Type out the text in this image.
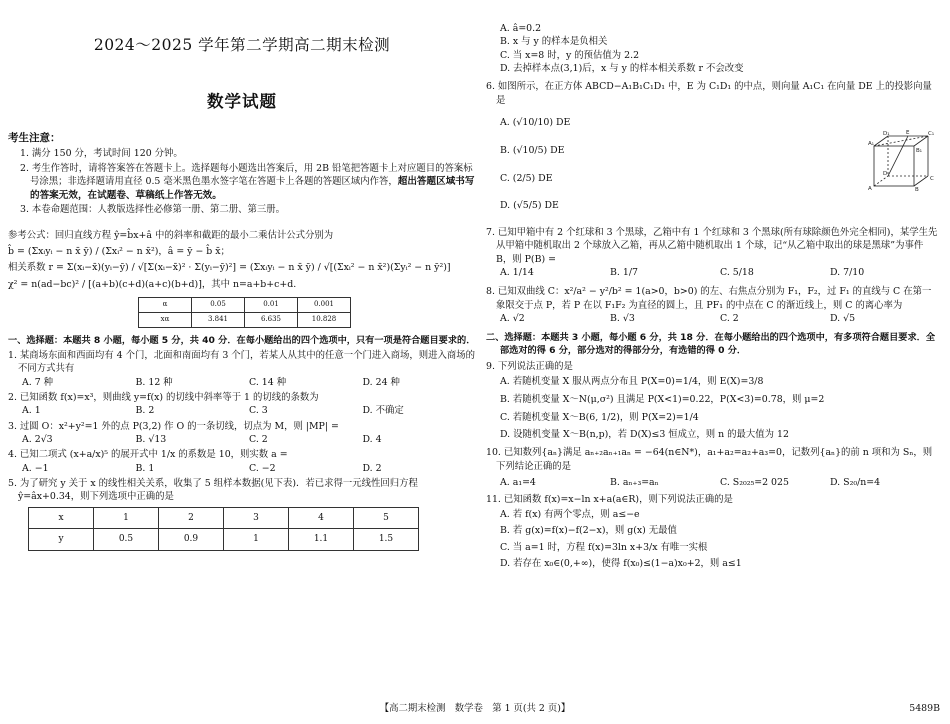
2024～2025 学年第二学期高二期末检测
数学试题
考生注意：
1. 满分 150 分，考试时间 120 分钟。
2. 考生作答时，请将答案答在答题卡上。选择题每小题选出答案后，用 2B 铅笔把答题卡上对应题目的答案标号涂黑；非选择题请用直径 0.5 毫米黑色墨水签字笔在答题卡上各题的答题区域内作答，超出答题区域书写的答案无效，在试题卷、草稿纸上作答无效。
3. 本卷命题范围：人教版选择性必修第一册、第二册、第三册。
参考公式：回归直线方程 ŷ=b̂x+â 中的斜率和截距的最小二乘估计公式分别为
b̂ = (Σxᵢyᵢ − n x̄ ȳ) / (Σxᵢ² − n x̄²)，â = ȳ − b̂ x̄；
相关系数 r = Σ(xᵢ−x̄)(yᵢ−ȳ) / √[Σ(xᵢ−x̄)² · Σ(yᵢ−ȳ)²] = (Σxᵢyᵢ − n x̄ ȳ) / √[(Σxᵢ² − n x̄²)(Σyᵢ² − n ȳ²)]
χ² = n(ad−bc)² / [(a+b)(c+d)(a+c)(b+d)]，其中 n=a+b+c+d.
α	0.05	0.01	0.001
xα	3.841	6.635	10.828
一、选择题：本题共 8 小题，每小题 5 分，共 40 分．在每小题给出的四个选项中，只有一项是符合题目要求的．
1. 某商场东面和西面均有 4 个门，北面和南面均有 3 个门，若某人从其中的任意一个门进入商场，则进入商场的不同方式共有
A. 7 种	B. 12 种	C. 14 种	D. 24 种
2. 已知函数 f(x)=x³，则曲线 y=f(x) 的切线中斜率等于 1 的切线的条数为
A. 1	B. 2	C. 3	D. 不确定
3. 过圆 O：x²+y²=1 外的点 P(3,2) 作 O 的一条切线，切点为 M，则 |MP| =
A. 2√3	B. √13	C. 2	D. 4
4. 已知二项式 (x+a/x)⁵ 的展开式中 1/x 的系数是 10，则实数 a =
A. −1	B. 1	C. −2	D. 2
5. 为了研究 y 关于 x 的线性相关关系，收集了 5 组样本数据(见下表)．若已求得一元线性回归方程 ŷ=âx+0.34，则下列选项中正确的是
x	1	2	3	4	5
y	0.5	0.9	1	1.1	1.5
A. â=0.2
B. x 与 y 的样本是负相关
C. 当 x=8 时，y 的预估值为 2.2
D. 去掉样本点(3,1)后，x 与 y 的样本相关系数 r 不会改变
6. 如图所示，在正方体 ABCD−A₁B₁C₁D₁ 中，E 为 C₁D₁ 的中点，则向量 A₁C₁ 在向量 DE 上的投影向量是
A. (√10/10) DE
B. (√10/5) DE
C. (2/5) DE
D. (√5/5) DE
A₁
D₁	C₁
B₁
E
A
D
C
B
7. 已知甲箱中有 2 个红球和 3 个黑球，乙箱中有 1 个红球和 3 个黑球(所有球除颜色外完全相同)，某学生先从甲箱中随机取出 2 个球放入乙箱，再从乙箱中随机取出 1 个球，记“从乙箱中取出的球是黑球”为事件 B，则 P(B) =
A. 1/14	B. 1/7	C. 5/18	D. 7/10
8. 已知双曲线 C：x²/a² − y²/b² = 1(a>0，b>0) 的左、右焦点分别为 F₁，F₂，过 F₁ 的直线与 C 在第一象限交于点 P，若 P 在以 F₁F₂ 为直径的圆上，且 PF₁ 的中点在 C 的渐近线上，则 C 的离心率为
A. √2	B. √3	C. 2	D. √5
二、选择题：本题共 3 小题，每小题 6 分，共 18 分．在每小题给出的四个选项中，有多项符合题目要求．全部选对的得 6 分，部分选对的得部分分，有选错的得 0 分．
9. 下列说法正确的是
A. 若随机变量 X 服从两点分布且 P(X=0)=1/4，则 E(X)=3/8
B. 若随机变量 X～N(μ,σ²) 且满足 P(X<1)=0.22，P(X<3)=0.78，则 μ=2
C. 若随机变量 X～B(6, 1/2)，则 P(X=2)=1/4
D. 设随机变量 X～B(n,p)，若 D(X)≤3 恒成立，则 n 的最大值为 12
10. 已知数列{aₙ}满足 aₙ₊₂aₙ₊₁aₙ = −64(n∈N*)，a₁+a₂=a₂+a₃=0，记数列{aₙ}的前 n 项和为 Sₙ，则下列结论正确的是
A. a₁=4	B. aₙ₊₃=aₙ	C. S₂₀₂₅=2 025	D. S₂₀/n=4
11. 已知函数 f(x)=x−ln x+a(a∈R)，则下列说法正确的是
A. 若 f(x) 有两个零点，则 a≤−e
B. 若 g(x)=f(x)−f(2−x)，则 g(x) 无最值
C. 当 a=1 时，方程 f(x)=3ln x+3/x 有唯一实根
D. 若存在 x₀∈(0,+∞)，使得 f(x₀)≤(1−a)x₀+2，则 a≤1
【高二期末检测　数学卷　第 1 页(共 2 页)】	5489B
